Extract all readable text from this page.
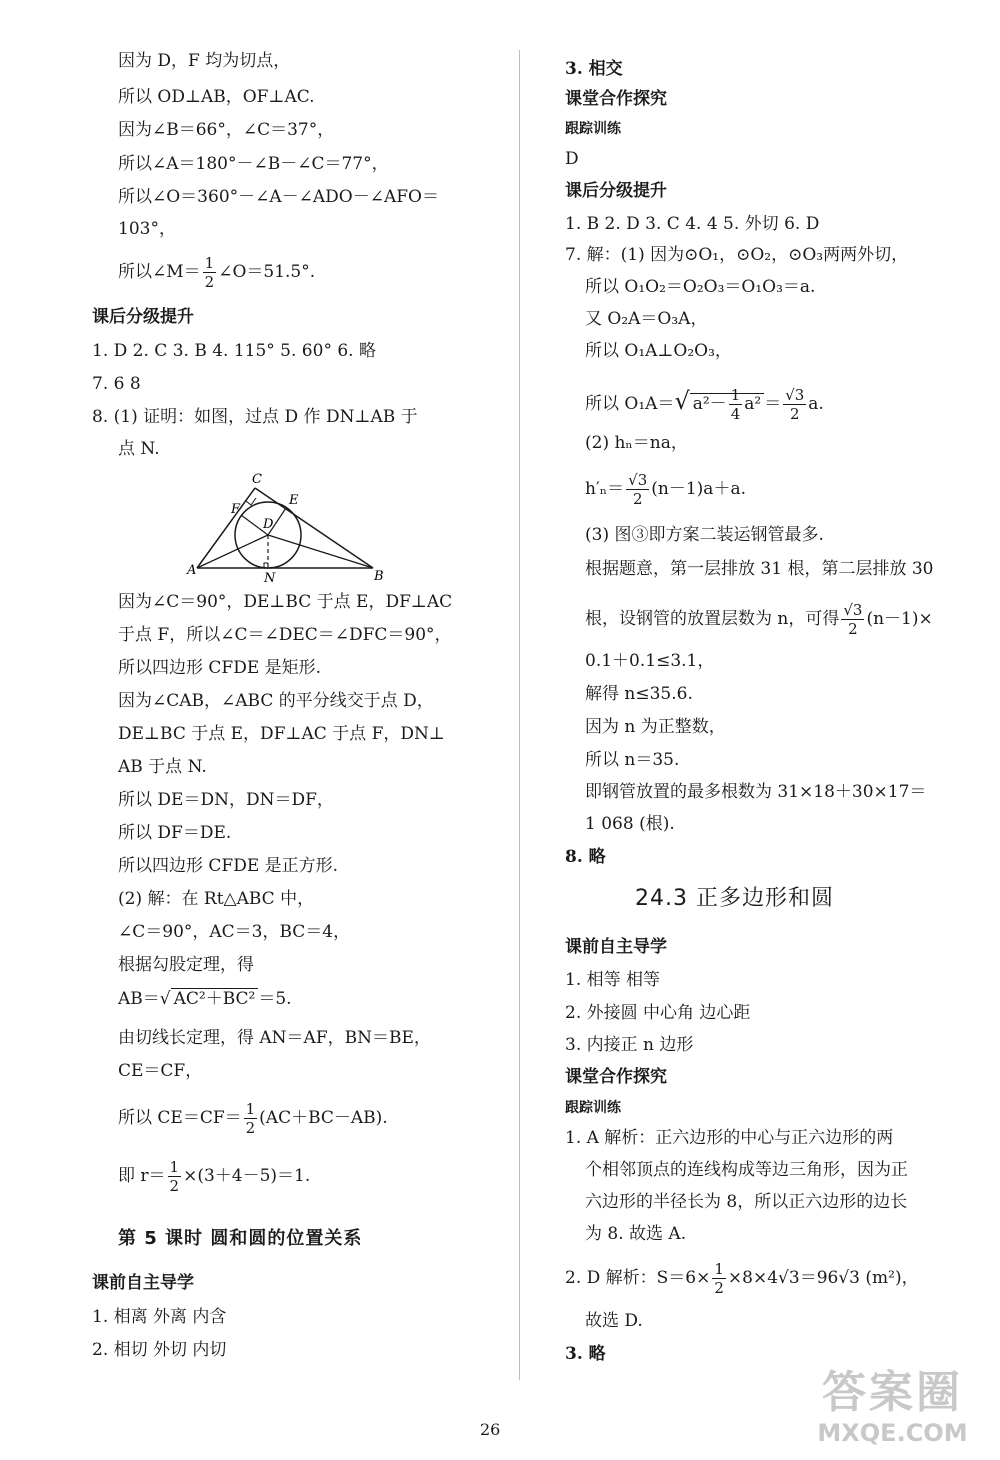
因为 D，F 均为切点，
所以 OD⊥AB，OF⊥AC.
因为∠B＝66°，∠C＝37°，
所以∠A＝180°－∠B－∠C＝77°，
所以∠O＝360°－∠A－∠ADO－∠AFO＝
103°，
所以∠M＝ $\frac{1}{2}$ ∠O＝51.5°.
课后分级提升
1. D 2. C 3. B 4. 115° 5. 60° 6. 略
7. 6 8
8. (1) 证明：如图，过点 D 作 DN⊥AB 于
点 N.
C
E
F
D
A
N	B
因为∠C＝90°，DE⊥BC 于点 E，DF⊥AC
于点 F，所以∠C＝∠DEC＝∠DFC＝90°，
所以四边形 CFDE 是矩形.
因为∠CAB，∠ABC 的平分线交于点 D，
DE⊥BC 于点 E，DF⊥AC 于点 F，DN⊥
AB 于点 N.
所以 DE＝DN，DN＝DF，
所以 DF＝DE.
所以四边形 CFDE 是正方形.
(2) 解：在 Rt△ABC 中，
∠C＝90°，AC＝3，BC＝4，
根据勾股定理，得
AB＝√ AC²＋BC² ＝5.
由切线长定理，得 AN＝AF，BN＝BE，
CE＝CF，
所以 $CE=CF= \frac{1}{2} (AC+BC-AB)$.
即 $r= \frac{1}{2} \times(3+4-5)=1$.
第 5 课时 圆和圆的位置关系
课前自主导学
1. 相离 外离 内含
2. 相切 外切 内切
3. 相交
课堂合作探究
跟踪训练
D
课后分级提升
1. B 2. D 3. C 4. 4 5. 外切 6. D
7. 解：(1) 因为⊙O₁，⊙O₂，⊙O₃两两外切，
所以 O₁O₂＝O₂O₃＝O₁O₃＝a.
又 O₂A＝O₃A，
所以 O₁A⊥O₂O₃，
所以 O₁A＝√ $a^2- \frac{1}{4} a^2 = \frac{√3}{2} a$.
(2) hₙ＝na，
$h'_n= \frac{√3}{2} (n-1)a+a$.
(3) 图③即方案二装运钢管最多.
根据题意，第一层排放 31 根，第二层排放 30
根，设钢管的放置层数为 n，可得 $\frac{√3}{2} (n-1)\times$
0.1＋0.1≤3.1，
解得 n≤35.6.
因为 n 为正整数，
所以 n＝35.
即钢管放置的最多根数为 31×18＋30×17＝
1 068 (根).
8. 略
24.3 正多边形和圆
课前自主导学
1. 相等 相等
2. 外接圆 中心角 边心距
3. 内接正 n 边形
课堂合作探究
跟踪训练
1. A 解析：正六边形的中心与正六边形的两
个相邻顶点的连线构成等边三角形，因为正
六边形的半径长为 8，所以正六边形的边长
为 8. 故选 A.
2. D 解析：$S=6\times \frac{1}{2} \times 8\times 4√3=96√3$ (m²)，
故选 D.
3. 略
26
答案圈
MXQE.COM
